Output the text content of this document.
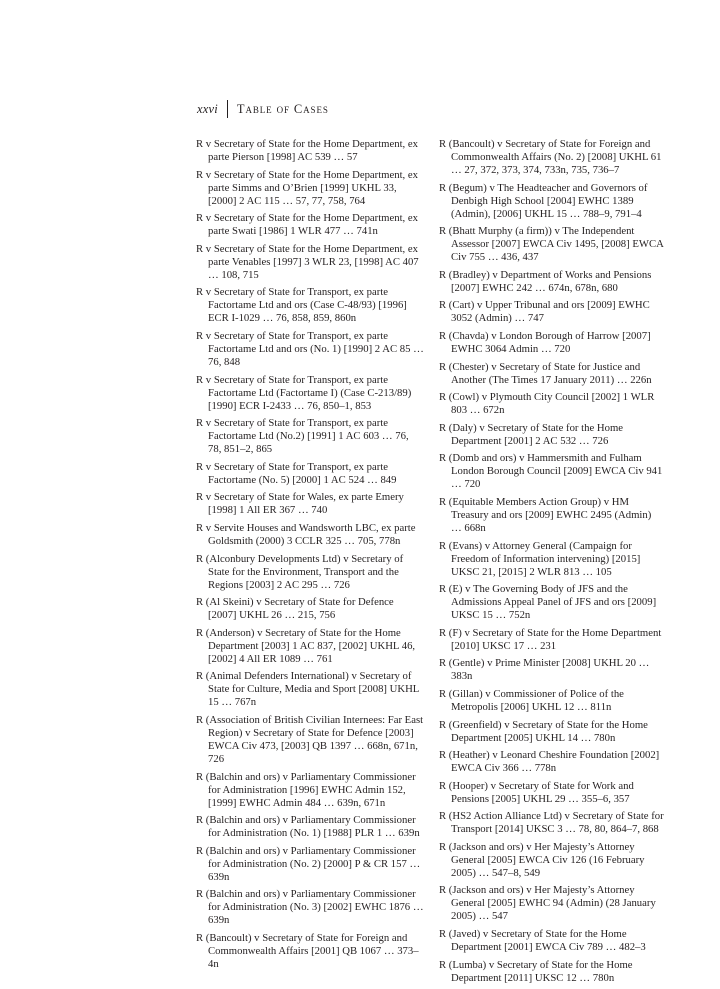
xxvi Table of Cases
R v Secretary of State for the Home Department, ex parte Pierson [1998] AC 539 … 57
R v Secretary of State for the Home Department, ex parte Simms and O’Brien [1999] UKHL 33, [2000] 2 AC 115 … 57, 77, 758, 764
R v Secretary of State for the Home Department, ex parte Swati [1986] 1 WLR 477 … 741n
R v Secretary of State for the Home Department, ex parte Venables [1997] 3 WLR 23, [1998] AC 407 … 108, 715
R v Secretary of State for Transport, ex parte Factortame Ltd and ors (Case C-48/93) [1996] ECR I-1029 … 76, 858, 859, 860n
R v Secretary of State for Transport, ex parte Factortame Ltd and ors (No. 1) [1990] 2 AC 85 … 76, 848
R v Secretary of State for Transport, ex parte Factortame Ltd (Factortame I) (Case C-213/89) [1990] ECR I-2433 … 76, 850–1, 853
R v Secretary of State for Transport, ex parte Factortame Ltd (No.2) [1991] 1 AC 603 … 76, 78, 851–2, 865
R v Secretary of State for Transport, ex parte Factortame (No. 5) [2000] 1 AC 524 … 849
R v Secretary of State for Wales, ex parte Emery [1998] 1 All ER 367 … 740
R v Servite Houses and Wandsworth LBC, ex parte Goldsmith (2000) 3 CCLR 325 … 705, 778n
R (Alconbury Developments Ltd) v Secretary of State for the Environment, Transport and the Regions [2003] 2 AC 295 … 726
R (Al Skeini) v Secretary of State for Defence [2007] UKHL 26 … 215, 756
R (Anderson) v Secretary of State for the Home Department [2003] 1 AC 837, [2002] UKHL 46, [2002] 4 All ER 1089 … 761
R (Animal Defenders International) v Secretary of State for Culture, Media and Sport [2008] UKHL 15 … 767n
R (Association of British Civilian Internees: Far East Region) v Secretary of State for Defence [2003] EWCA Civ 473, [2003] QB 1397 … 668n, 671n, 726
R (Balchin and ors) v Parliamentary Commissioner for Administration [1996] EWHC Admin 152, [1999] EWHC Admin 484 … 639n, 671n
R (Balchin and ors) v Parliamentary Commissioner for Administration (No. 1) [1988] PLR 1 … 639n
R (Balchin and ors) v Parliamentary Commissioner for Administration (No. 2) [2000] P & CR 157 … 639n
R (Balchin and ors) v Parliamentary Commissioner for Administration (No. 3) [2002] EWHC 1876 … 639n
R (Bancoult) v Secretary of State for Foreign and Commonwealth Affairs [2001] QB 1067 … 373–4n
R (Bancoult) v Secretary of State for Foreign and Commonwealth Affairs (No. 2) [2008] UKHL 61 … 27, 372, 373, 374, 733n, 735, 736–7
R (Begum) v The Headteacher and Governors of Denbigh High School [2004] EWHC 1389 (Admin), [2006] UKHL 15 … 788–9, 791–4
R (Bhatt Murphy (a firm)) v The Independent Assessor [2007] EWCA Civ 1495, [2008] EWCA Civ 755 … 436, 437
R (Bradley) v Department of Works and Pensions [2007] EWHC 242 … 674n, 678n, 680
R (Cart) v Upper Tribunal and ors [2009] EWHC 3052 (Admin) … 747
R (Chavda) v London Borough of Harrow [2007] EWHC 3064 Admin … 720
R (Chester) v Secretary of State for Justice and Another (The Times 17 January 2011) … 226n
R (Cowl) v Plymouth City Council [2002] 1 WLR 803 … 672n
R (Daly) v Secretary of State for the Home Department [2001] 2 AC 532 … 726
R (Domb and ors) v Hammersmith and Fulham London Borough Council [2009] EWCA Civ 941 … 720
R (Equitable Members Action Group) v HM Treasury and ors [2009] EWHC 2495 (Admin) … 668n
R (Evans) v Attorney General (Campaign for Freedom of Information intervening) [2015] UKSC 21, [2015] 2 WLR 813 … 105
R (E) v The Governing Body of JFS and the Admissions Appeal Panel of JFS and ors [2009] UKSC 15 … 752n
R (F) v Secretary of State for the Home Department [2010] UKSC 17 … 231
R (Gentle) v Prime Minister [2008] UKHL 20 … 383n
R (Gillan) v Commissioner of Police of the Metropolis [2006] UKHL 12 … 811n
R (Greenfield) v Secretary of State for the Home Department [2005] UKHL 14 … 780n
R (Heather) v Leonard Cheshire Foundation [2002] EWCA Civ 366 … 778n
R (Hooper) v Secretary of State for Work and Pensions [2005] UKHL 29 … 355–6, 357
R (HS2 Action Alliance Ltd) v Secretary of State for Transport [2014] UKSC 3 … 78, 80, 864–7, 868
R (Jackson and ors) v Her Majesty’s Attorney General [2005] EWCA Civ 126 (16 February 2005) … 547–8, 549
R (Jackson and ors) v Her Majesty’s Attorney General [2005] EWHC 94 (Admin) (28 January 2005) … 547
R (Javed) v Secretary of State for the Home Department [2001] EWCA Civ 789 … 482–3
R (Lumba) v Secretary of State for the Home Department [2011] UKSC 12 … 780n
